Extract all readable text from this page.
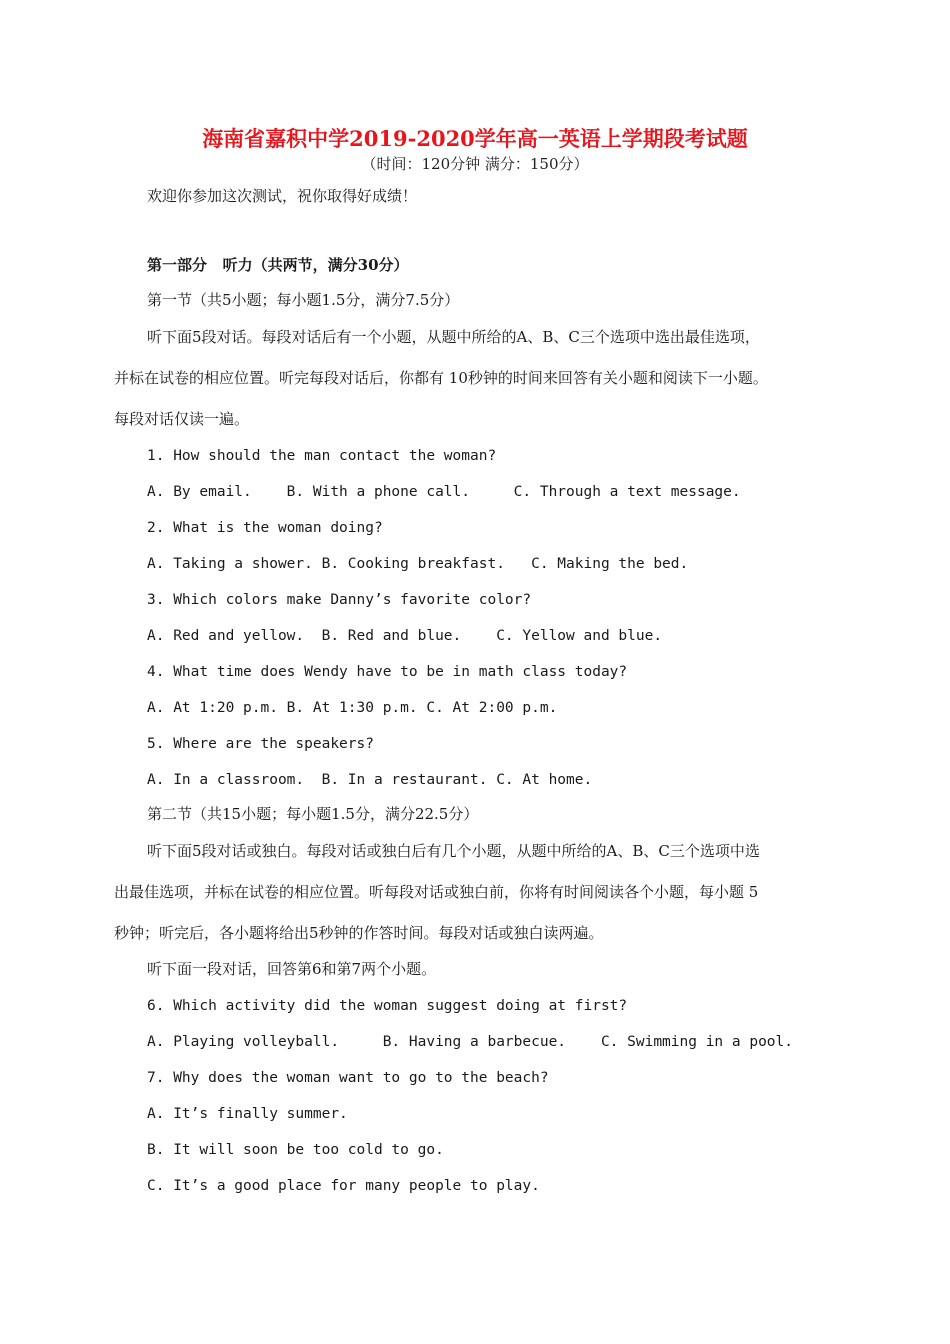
海南省嘉积中学2019-2020学年高一英语上学期段考试题
（时间：120分钟 满分：150分）
欢迎你参加这次测试，祝你取得好成绩！
第一部分   听力（共两节，满分30分）
第一节（共5小题；每小题1.5分，满分7.5分）
听下面5段对话。每段对话后有一个小题，从题中所给的A、B、C三个选项中选出最佳选项，
并标在试卷的相应位置。听完每段对话后，你都有 10秒钟的时间来回答有关小题和阅读下一小题。
每段对话仅读一遍。
1. How should the man contact the woman?
A. By email.    B. With a phone call.     C. Through a text message.
2. What is the woman doing?
A. Taking a shower. B. Cooking breakfast.   C. Making the bed.
3. Which colors make Danny’s favorite color?
A. Red and yellow.  B. Red and blue.    C. Yellow and blue.
4. What time does Wendy have to be in math class today?
A. At 1:20 p.m. B. At 1:30 p.m. C. At 2:00 p.m.
5. Where are the speakers?
A. In a classroom.  B. In a restaurant. C. At home.
第二节（共15小题；每小题1.5分，满分22.5分）
听下面5段对话或独白。每段对话或独白后有几个小题，从题中所给的A、B、C三个选项中选
出最佳选项，并标在试卷的相应位置。听每段对话或独白前，你将有时间阅读各个小题，每小题 5
秒钟；听完后，各小题将给出5秒钟的作答时间。每段对话或独白读两遍。
听下面一段对话，回答第6和第7两个小题。
6. Which activity did the woman suggest doing at first?
A. Playing volleyball.     B. Having a barbecue.    C. Swimming in a pool.
7. Why does the woman want to go to the beach?
A. It’s finally summer.
B. It will soon be too cold to go.
C. It’s a good place for many people to play.
